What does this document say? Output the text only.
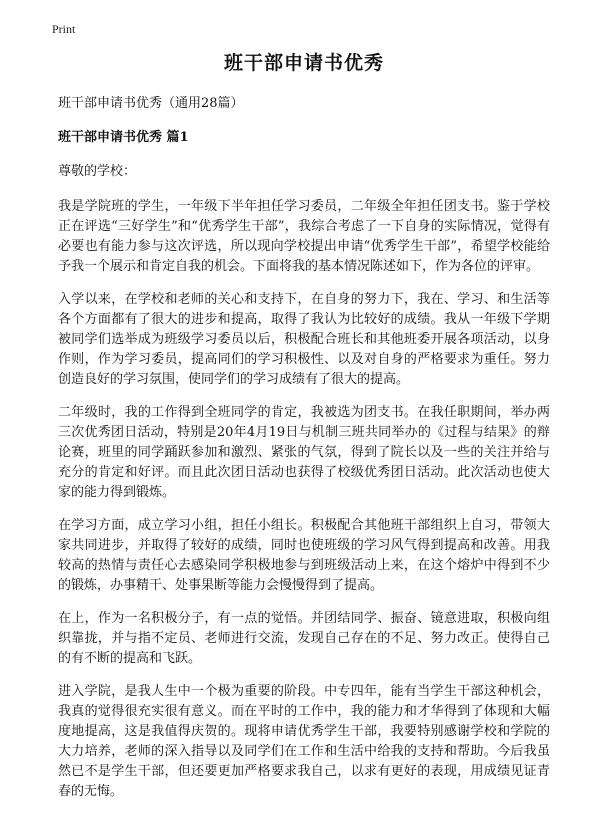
Print
班干部申请书优秀
班干部申请书优秀（通用28篇）
班干部申请书优秀 篇1
尊敬的学校：

我是学院班的学生，一年级下半年担任学习委员，二年级全年担任团支书。鉴于学校正在评选“三好学生”和“优秀学生干部”，我综合考虑了一下自身的实际情况，觉得有必要也有能力参与这次评选，所以现向学校提出申请“优秀学生干部”，希望学校能给予我一个展示和肯定自我的机会。下面将我的基本情况陈述如下，作为各位的评审。

入学以来，在学校和老师的关心和支持下，在自身的努力下，我在、学习、和生活等各个方面都有了很大的进步和提高，取得了我认为比较好的成绩。我从一年级下学期被同学们选举成为班级学习委员以后，积极配合班长和其他班委开展各项活动，以身作则，作为学习委员，提高同们的学习积极性、以及对自身的严格要求为重任。努力创造良好的学习氛围，使同学们的学习成绩有了很大的提高。

二年级时，我的工作得到全班同学的肯定，我被选为团支书。在我任职期间，举办两三次优秀团日活动，特别是20年4月19日与机制三班共同举办的《过程与结果》的辩论赛，班里的同学踊跃参加和激烈、紧张的气氛，得到了院长以及一些的关注并给与充分的肯定和好评。而且此次团日活动也获得了校级优秀团日活动。此次活动也使大家的能力得到锻炼。

在学习方面，成立学习小组，担任小组长。积极配合其他班干部组织上自习，带领大家共同进步，并取得了较好的成绩，同时也使班级的学习风气得到提高和改善。用我较高的热情与责任心去感染同学积极地参与到班级活动上来，在这个熔炉中得到不少的锻炼，办事精干、处事果断等能力会慢慢得到了提高。

在上，作为一名积极分子，有一点的觉悟。并团结同学、振奋、镜意进取，积极向组织靠拢，并与指不定员、老师进行交流，发现自己存在的不足、努力改正。使得自己的有不断的提高和飞跃。

进入学院，是我人生中一个极为重要的阶段。中专四年，能有当学生干部这种机会，我真的觉得很充实很有意义。而在平时的工作中，我的能力和才华得到了体现和大幅度地提高，这是我值得庆贺的。现将申请优秀学生干部，我要特别感谢学校和学院的大力培养，老师的深入指导以及同学们在工作和生活中给我的支持和帮助。今后我虽然已不是学生干部，但还要更加严格要求我自己，以求有更好的表现，用成绩见证青春的无悔。
